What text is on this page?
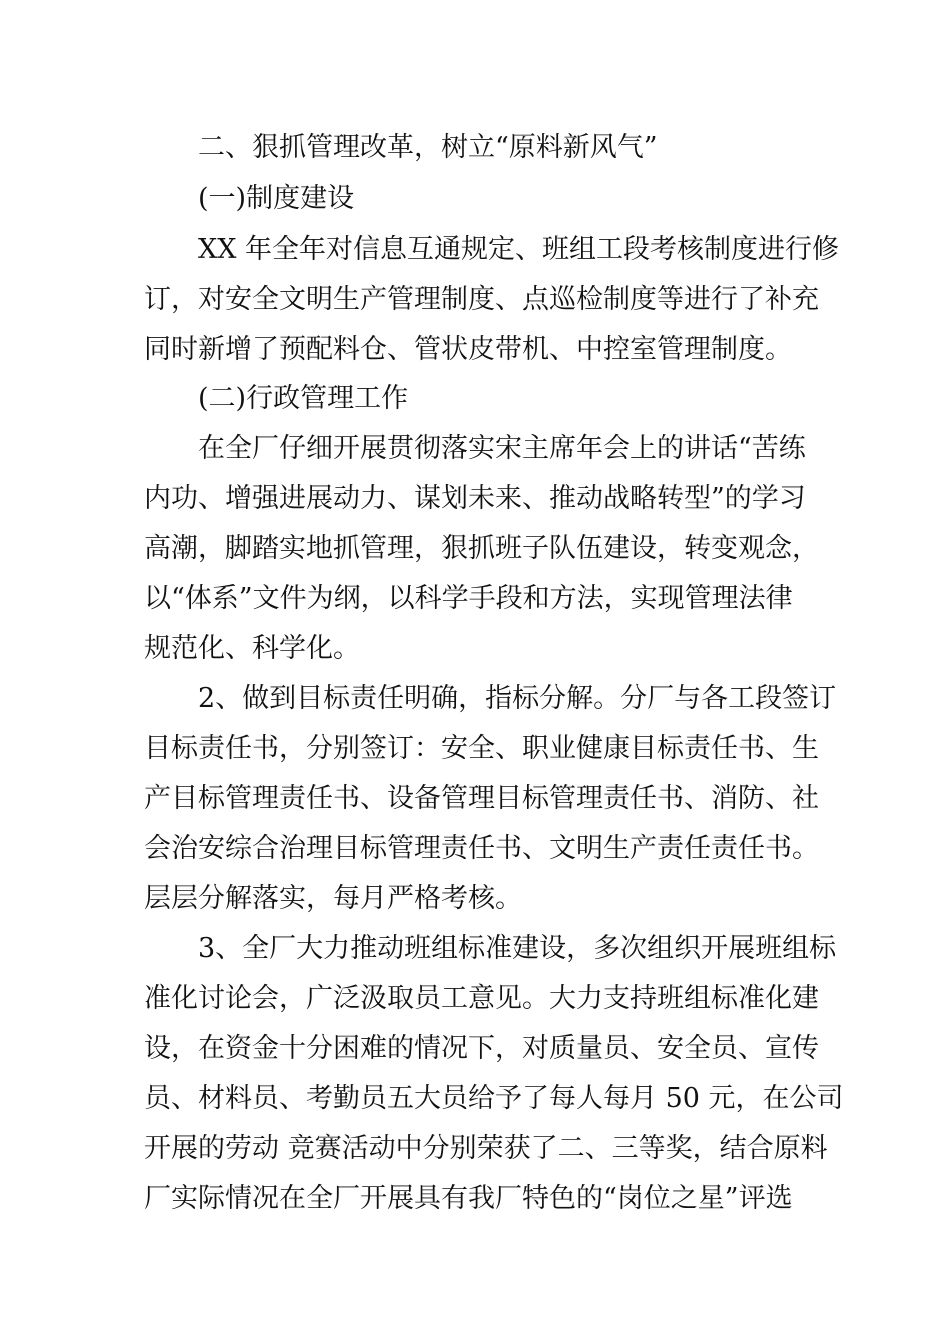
二、狠抓管理改革，树立“原料新风气”
(一)制度建设
XX 年全年对信息互通规定、班组工段考核制度进行修
订，对安全文明生产管理制度、点巡检制度等进行了补充
同时新增了预配料仓、管状皮带机、中控室管理制度。
(二)行政管理工作
在全厂仔细开展贯彻落实宋主席年会上的讲话“苦练
内功、增强进展动力、谋划未来、推动战略转型”的学习
高潮，脚踏实地抓管理，狠抓班子队伍建设，转变观念，
以“体系”文件为纲，以科学手段和方法，实现管理法律
规范化、科学化。
2、做到目标责任明确，指标分解。分厂与各工段签订
目标责任书，分别签订：安全、职业健康目标责任书、生
产目标管理责任书、设备管理目标管理责任书、消防、社
会治安综合治理目标管理责任书、文明生产责任责任书。
层层分解落实，每月严格考核。
3、全厂大力推动班组标准建设，多次组织开展班组标
准化讨论会，广泛汲取员工意见。大力支持班组标准化建
设，在资金十分困难的情况下，对质量员、安全员、宣传
员、材料员、考勤员五大员给予了每人每月 50 元，在公司
开展的劳动 竞赛活动中分别荣获了二、三等奖，结合原料
厂实际情况在全厂开展具有我厂特色的“岗位之星”评选
